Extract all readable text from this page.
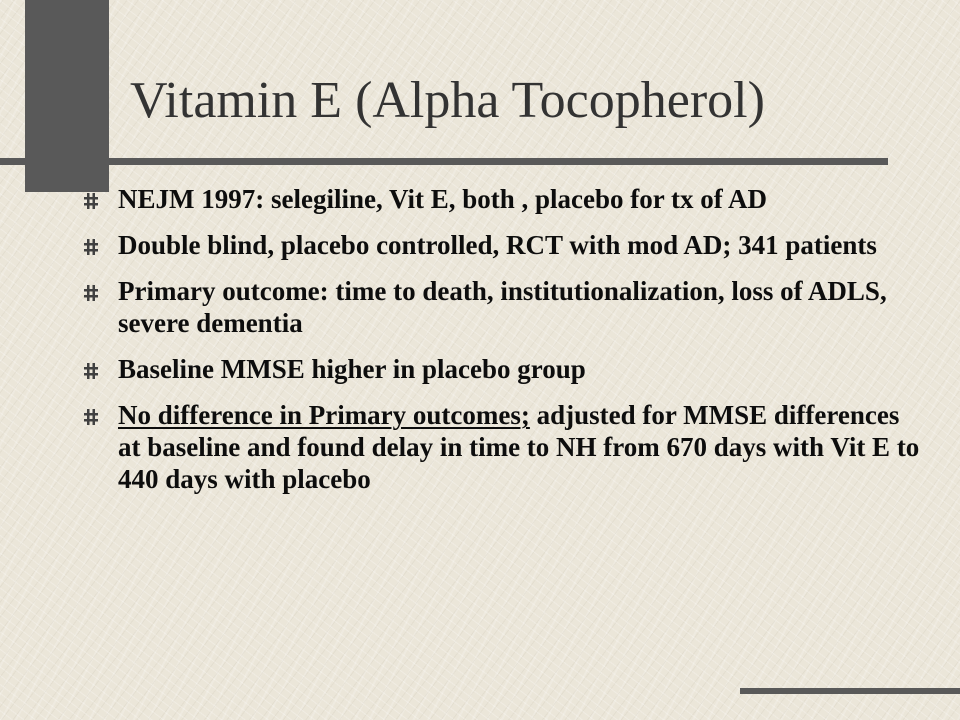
Vitamin E (Alpha Tocopherol)
NEJM 1997: selegiline, Vit E, both , placebo for tx of AD
Double blind, placebo controlled, RCT with mod AD; 341 patients
Primary outcome: time to death, institutionalization, loss of ADLS, severe dementia
Baseline MMSE higher in placebo group
No difference in Primary outcomes; adjusted for MMSE differences at baseline and found delay in time to NH from 670 days with Vit E to 440 days with placebo
